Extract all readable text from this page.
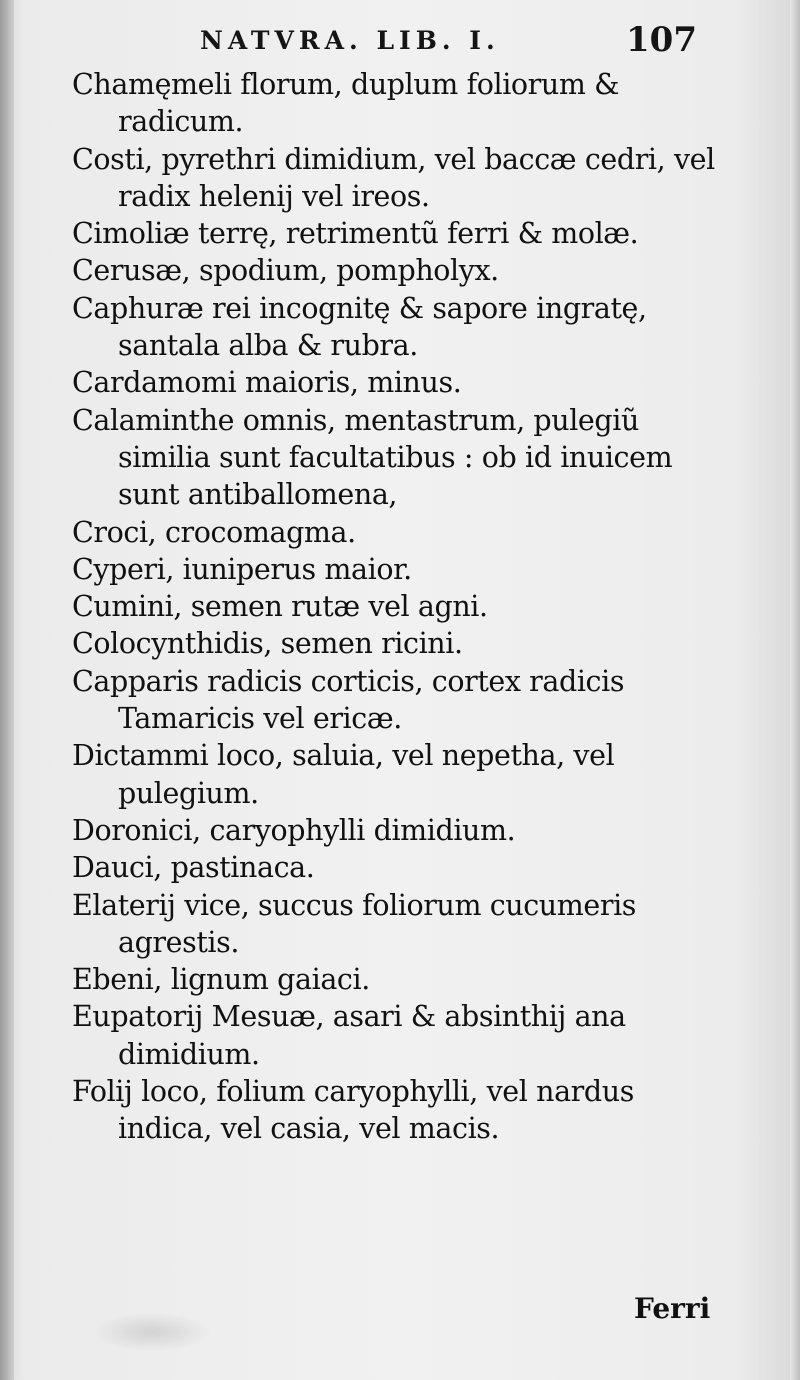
NATVRA. LIB. I.	107

Chamęmeli florum, duplum foliorum & radicum.

Costi, pyrethri dimidium, vel baccæ cedri, vel radix helenij vel ireos.

Cimoliæ terrę, retrimentũ ferri & molæ.

Cerusæ, spodium, pompholyx.

Caphuræ rei incognitę & sapore ingratę, santala alba & rubra.

Cardamomi maioris, minus.

Calaminthe omnis, mentastrum, pulegiũ similia sunt facultatibus : ob id inuicem sunt antiballomena,

Croci, crocomagma.

Cyperi, iuniperus maior.

Cumini, semen rutæ vel agni.

Colocynthidis, semen ricini.

Capparis radicis corticis, cortex radicis Tamaricis vel ericæ.

Dictammi loco, saluia, vel nepetha, vel pulegium.

Doronici, caryophylli dimidium.

Dauci, pastinaca.

Elaterij vice, succus foliorum cucumeris agrestis.

Ebeni, lignum gaiaci.

Eupatorij Mesuæ, asari & absinthij ana dimidium.

Folij loco, folium caryophylli, vel nardus indica, vel casia, vel macis.

Ferri
